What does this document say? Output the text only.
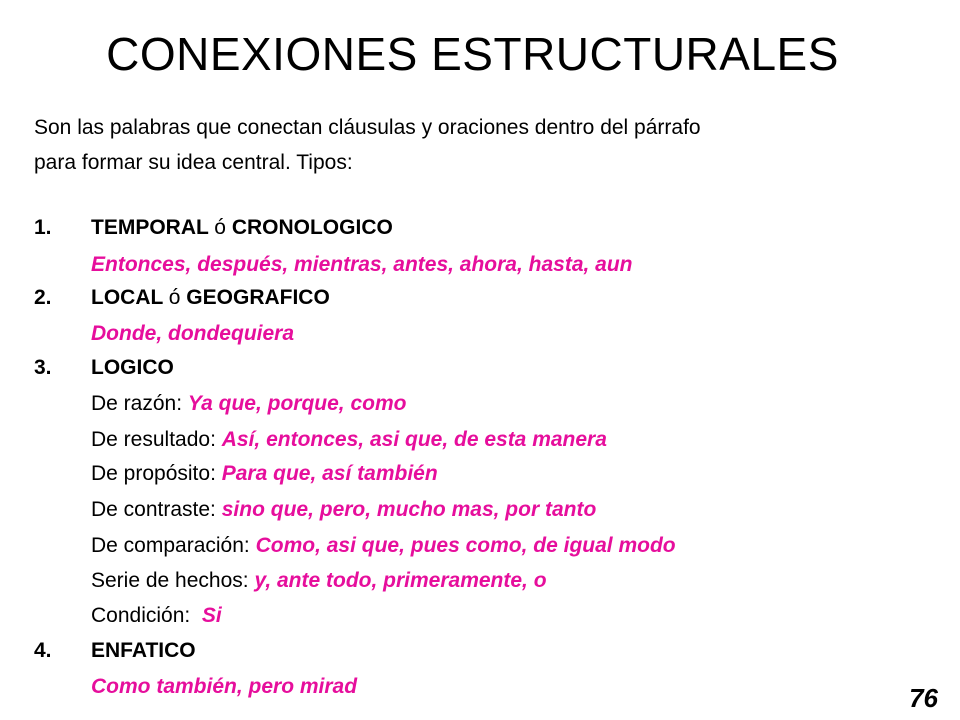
CONEXIONES ESTRUCTURALES
Son las palabras que conectan cláusulas y oraciones dentro del párrafo
para formar su idea central. Tipos:
1. TEMPORAL ó CRONOLOGICO
Entonces, después, mientras, antes, ahora, hasta, aun
2. LOCAL ó GEOGRAFICO
Donde, dondequiera
3. LOGICO
De razón: Ya que, porque, como
De resultado: Así, entonces, asi que, de esta manera
De propósito: Para que, así también
De contraste: sino que, pero, mucho mas, por tanto
De comparación: Como, asi que, pues como, de igual modo
Serie de hechos: y, ante todo, primeramente, o
Condición:  Si
4. ENFATICO
Como también, pero mirad	76
